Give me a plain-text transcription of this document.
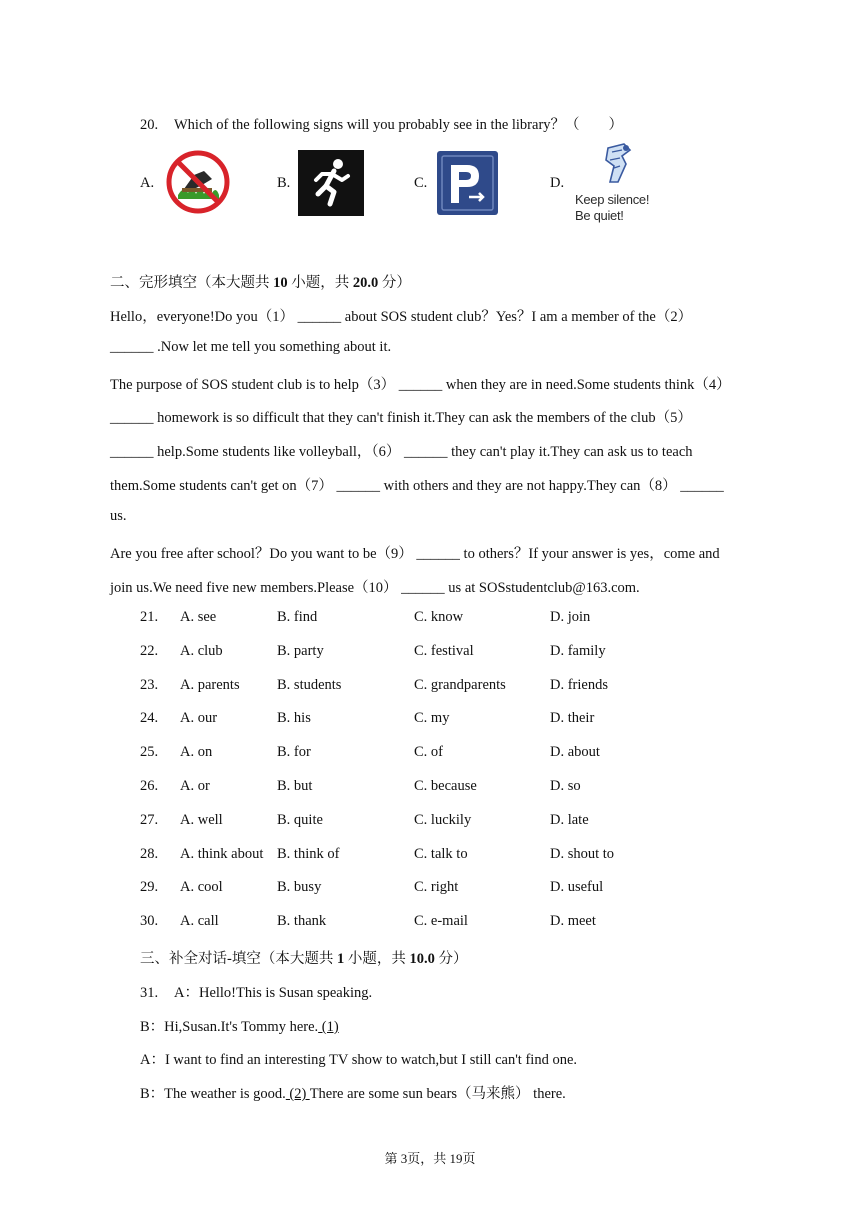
20. Which of the following signs will you probably see in the library？（　　）
A.	B.	C.	D.
Keep silence!
Be quiet!
二、完形填空（本大题共 10 小题，共 20.0 分）
Hello，everyone!Do you（1） ______ about SOS student club？Yes？I am a member of the（2）
______ .Now let me tell you something about it.
The purpose of SOS student club is to help（3） ______ when they are in need.Some students think（4）
______ homework is so difficult that they can't finish it.They can ask the members of the club（5）
______ help.Some students like volleyball，（6） ______ they can't play it.They can ask us to teach
them.Some students can't get on（7） ______ with others and they are not happy.They can（8） ______
us.
Are you free after school？Do you want to be（9） ______ to others？If your answer is yes，come and
join us.We need five new members.Please（10） ______ us at SOSstudentclub@163.com.
21. A. see	B. find	C. know	D. join
22. A. club	B. party	C. festival	D. family
23. A. parents	B. students	C. grandparents	D. friends
24. A. our	B. his	C. my	D. their
25. A. on	B. for	C. of	D. about
26. A. or	B. but	C. because	D. so
27. A. well	B. quite	C. luckily	D. late
28. A. think about B. think of	C. talk to	D. shout to
29. A. cool	B. busy	C. right	D. useful
30. A. call	B. thank	C. e-mail	D. meet
三、补全对话-填空（本大题共 1 小题，共 10.0 分）
31. A：Hello!This is Susan speaking.
B：Hi,Susan.It's Tommy here. (1)
A：I want to find an interesting TV show to watch,but I still can't find one.
B：The weather is good. (2) There are some sun bears（马来熊） there.
第 3页，共 19页
